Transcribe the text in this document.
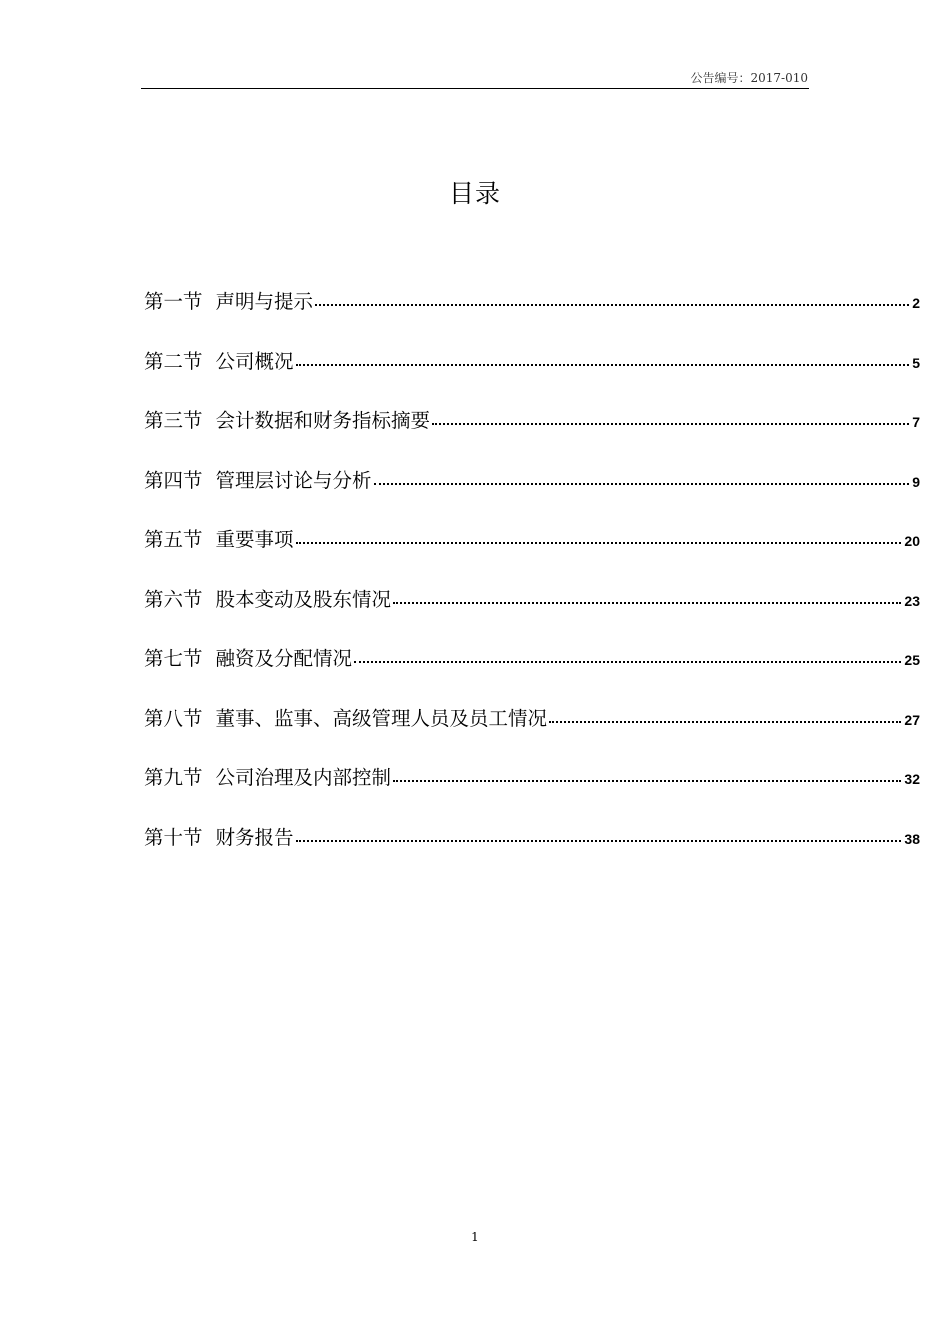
公告编号：2017-010
目录
第一节 声明与提示	2
第二节 公司概况	5
第三节 会计数据和财务指标摘要	7
第四节 管理层讨论与分析	9
第五节 重要事项	20
第六节 股本变动及股东情况	23
第七节 融资及分配情况	25
第八节 董事、监事、高级管理人员及员工情况	27
第九节 公司治理及内部控制	32
第十节 财务报告	38
1
